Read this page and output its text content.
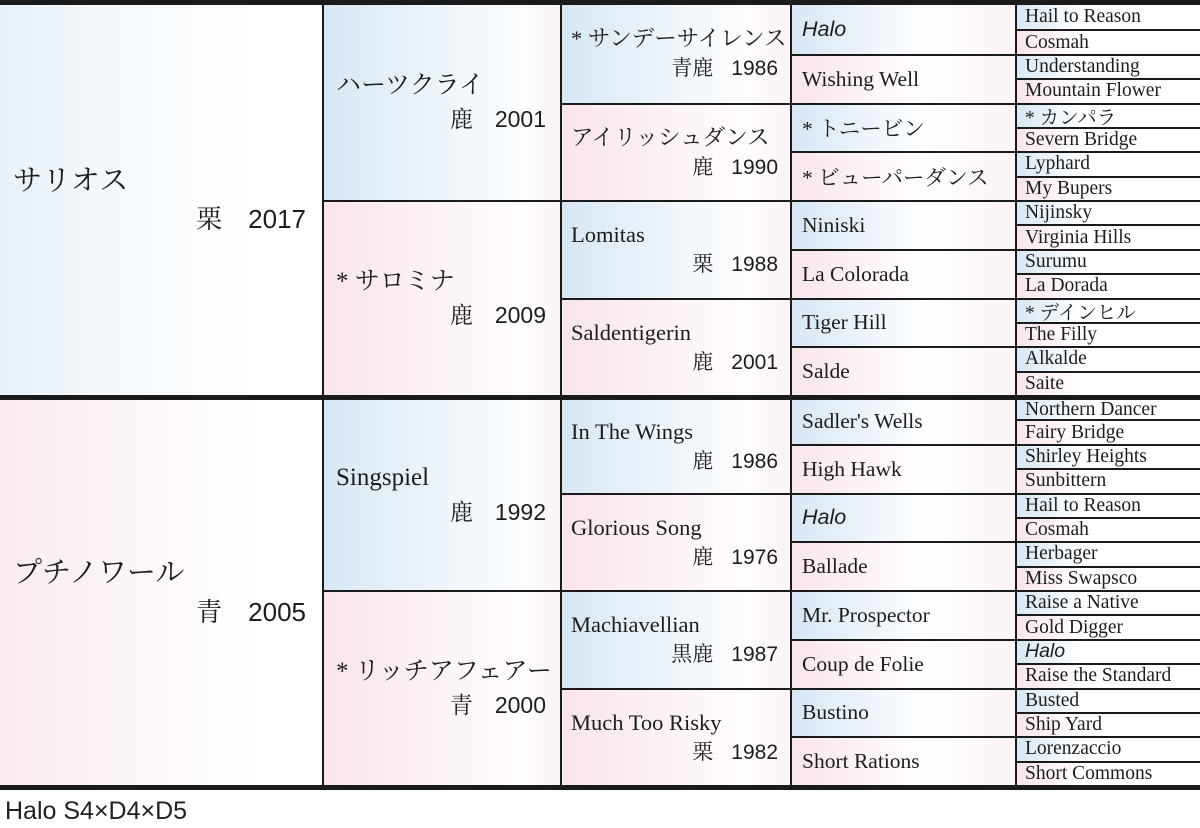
サリオス
栗 2017
プチノワール
青 2005
ハーツクライ
鹿 2001
* サロミナ
鹿 2009
Singspiel
鹿 1992
* リッチアフェアー
青 2000
* サンデーサイレンス
青鹿 1986
アイリッシュダンス
鹿 1990
Lomitas
栗 1988
Saldentigerin
鹿 2001
In The Wings
鹿 1986
Glorious Song
鹿 1976
Machiavellian
黒鹿 1987
Much Too Risky
栗 1982
Halo
Wishing Well
* トニービン
* ビューパーダンス
Niniski
La Colorada
Tiger Hill
Salde
Sadler's Wells
High Hawk
Halo
Ballade
Mr. Prospector
Coup de Folie
Bustino
Short Rations
Hail to Reason
Cosmah
Understanding
Mountain Flower
* カンパラ
Severn Bridge
Lyphard
My Bupers
Nijinsky
Virginia Hills
Surumu
La Dorada
* デインヒル
The Filly
Alkalde
Saite
Northern Dancer
Fairy Bridge
Shirley Heights
Sunbittern
Hail to Reason
Cosmah
Herbager
Miss Swapsco
Raise a Native
Gold Digger
Halo
Raise the Standard
Busted
Ship Yard
Lorenzaccio
Short Commons
Halo S4×D4×D5
